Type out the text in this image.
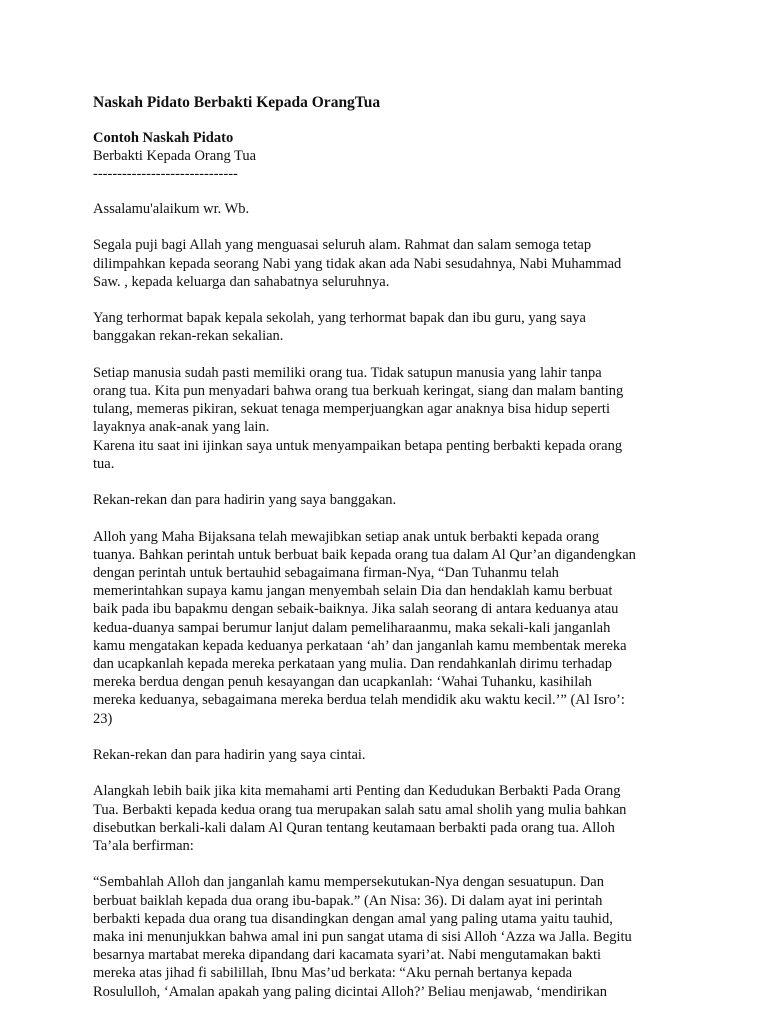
Naskah Pidato Berbakti Kepada OrangTua
Contoh Naskah Pidato
Berbakti Kepada Orang Tua
------------------------------
Assalamu'alaikum wr. Wb.
Segala puji bagi Allah yang menguasai seluruh alam. Rahmat dan salam semoga tetap
dilimpahkan kepada seorang Nabi yang tidak akan ada Nabi sesudahnya, Nabi Muhammad
Saw. , kepada keluarga dan sahabatnya seluruhnya.
Yang terhormat bapak kepala sekolah, yang terhormat bapak dan ibu guru, yang saya
banggakan rekan-rekan sekalian.
Setiap manusia sudah pasti memiliki orang tua. Tidak satupun manusia yang lahir tanpa
orang tua. Kita pun menyadari bahwa orang tua berkuah keringat, siang dan malam banting
tulang, memeras pikiran, sekuat tenaga memperjuangkan agar anaknya bisa hidup seperti
layaknya anak-anak yang lain.
Karena itu saat ini ijinkan saya untuk menyampaikan betapa penting berbakti kepada orang
tua.
Rekan-rekan dan para hadirin yang saya banggakan.
Alloh yang Maha Bijaksana telah mewajibkan setiap anak untuk berbakti kepada orang
tuanya. Bahkan perintah untuk berbuat baik kepada orang tua dalam Al Qur’an digandengkan
dengan perintah untuk bertauhid sebagaimana firman-Nya, “Dan Tuhanmu telah
memerintahkan supaya kamu jangan menyembah selain Dia dan hendaklah kamu berbuat
baik pada ibu bapakmu dengan sebaik-baiknya. Jika salah seorang di antara keduanya atau
kedua-duanya sampai berumur lanjut dalam pemeliharaanmu, maka sekali-kali janganlah
kamu mengatakan kepada keduanya perkataan ‘ah’ dan janganlah kamu membentak mereka
dan ucapkanlah kepada mereka perkataan yang mulia. Dan rendahkanlah dirimu terhadap
mereka berdua dengan penuh kesayangan dan ucapkanlah: ‘Wahai Tuhanku, kasihilah
mereka keduanya, sebagaimana mereka berdua telah mendidik aku waktu kecil.’” (Al Isro’:
23)
Rekan-rekan dan para hadirin yang saya cintai.
Alangkah lebih baik jika kita memahami arti Penting dan Kedudukan Berbakti Pada Orang
Tua. Berbakti kepada kedua orang tua merupakan salah satu amal sholih yang mulia bahkan
disebutkan berkali-kali dalam Al Quran tentang keutamaan berbakti pada orang tua. Alloh
Ta’ala berfirman:
“Sembahlah Alloh dan janganlah kamu mempersekutukan-Nya dengan sesuatupun. Dan
berbuat baiklah kepada dua orang ibu-bapak.” (An Nisa: 36). Di dalam ayat ini perintah
berbakti kepada dua orang tua disandingkan dengan amal yang paling utama yaitu tauhid,
maka ini menunjukkan bahwa amal ini pun sangat utama di sisi Alloh ‘Azza wa Jalla. Begitu
besarnya martabat mereka dipandang dari kacamata syari’at. Nabi mengutamakan bakti
mereka atas jihad fi sabilillah, Ibnu Mas’ud berkata: “Aku pernah bertanya kepada
Rosululloh, ‘Amalan apakah yang paling dicintai Alloh?’ Beliau menjawab, ‘mendirikan
